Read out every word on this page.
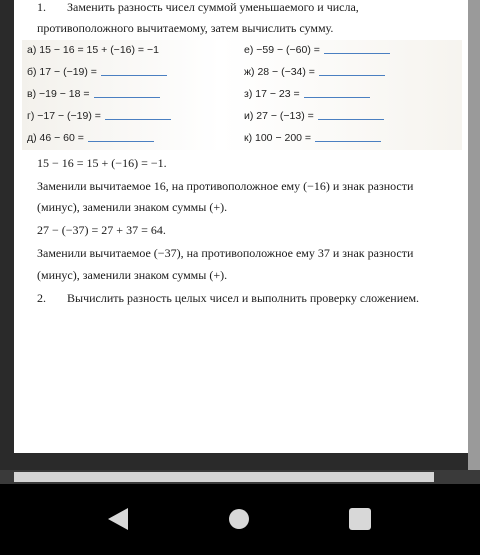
1. Заменить разность чисел суммой уменьшаемого и числа,
противоположного вычитаемому, затем вычислить сумму.
а) 15 − 16 = 15 + (−16) = −1
б) 17 − (−19) =
в) −19 − 18 =
г) −17 − (−19) =
д) 46 − 60 =
е) −59 − (−60) =
ж) 28 − (−34) =
з) 17 − 23 =
и) 27 − (−13) =
к) 100 − 200 =
15 − 16 = 15 + (−16) = −1.
Заменили вычитаемое 16, на противоположное ему (−16) и знак разности
(минус), заменили знаком суммы (+).
27 − (−37) = 27 + 37 = 64.
Заменили вычитаемое (−37), на противоположное ему 37 и знак разности
(минус), заменили знаком суммы (+).
2. Вычислить разность целых чисел и выполнить проверку сложением.
